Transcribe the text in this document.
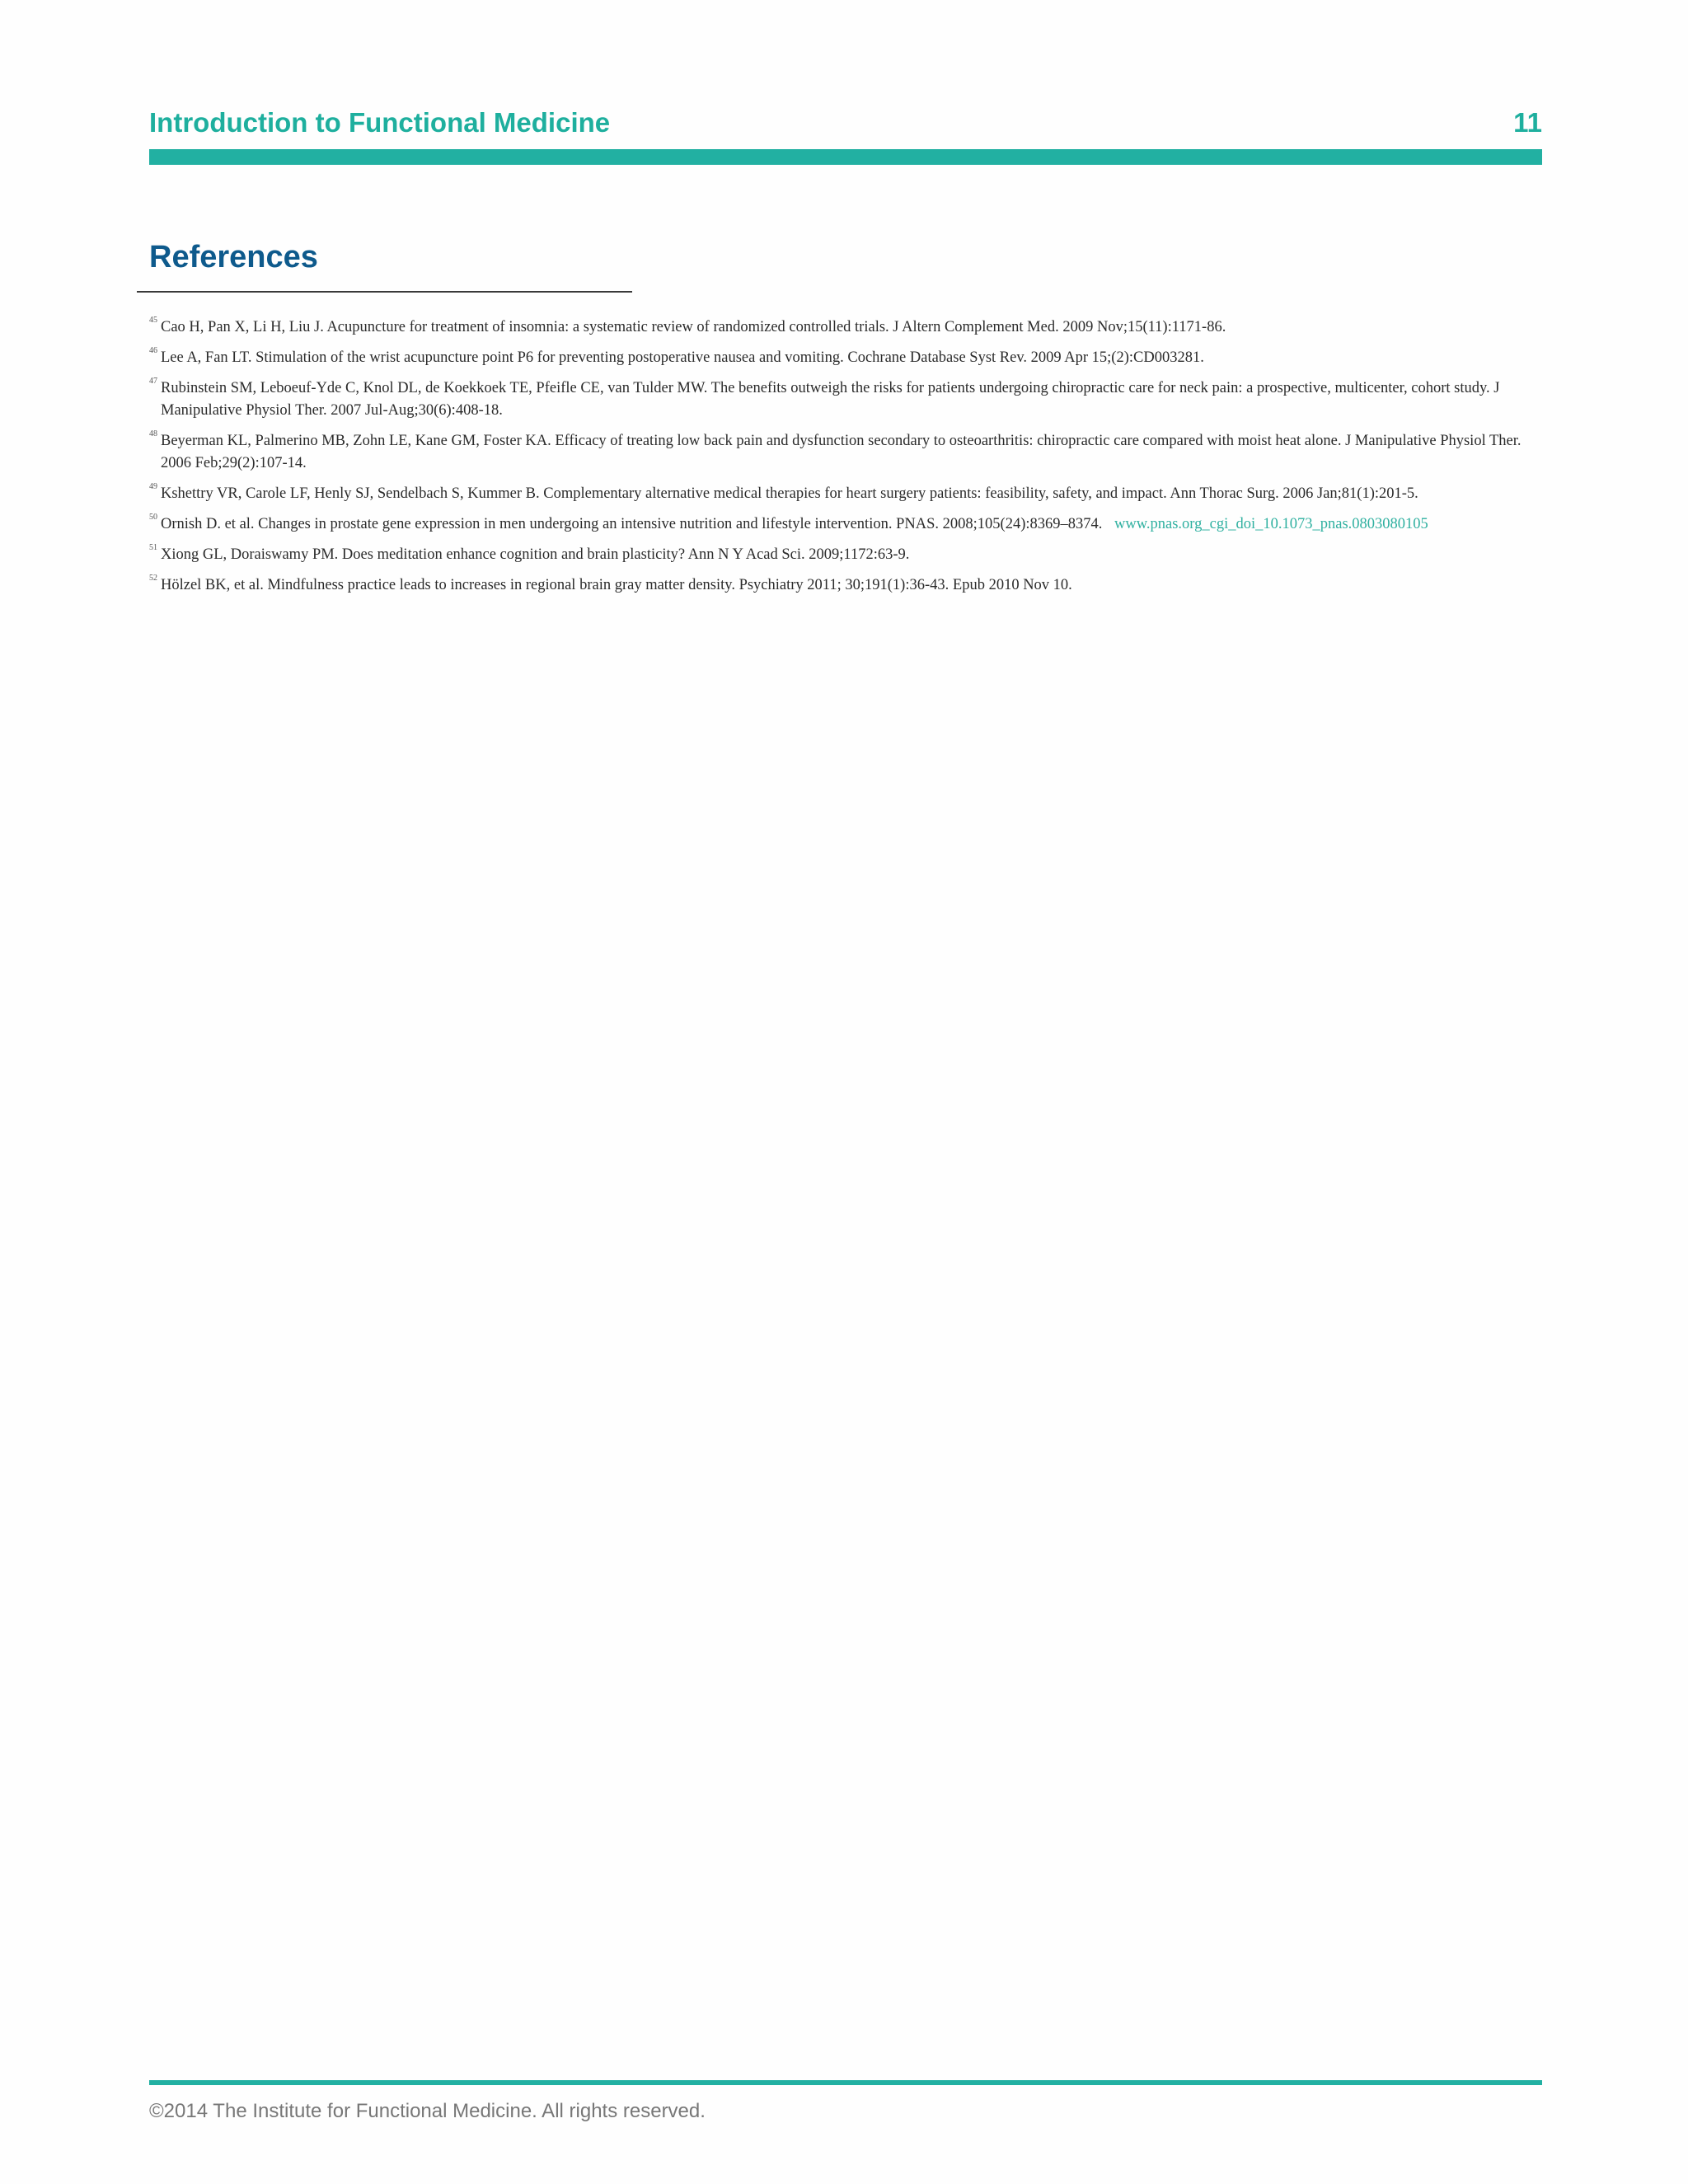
Introduction to Functional Medicine	11
References
45 Cao H, Pan X, Li H, Liu J. Acupuncture for treatment of insomnia: a systematic review of randomized controlled trials. J Altern Complement Med. 2009 Nov;15(11):1171-86.
46 Lee A, Fan LT. Stimulation of the wrist acupuncture point P6 for preventing postoperative nausea and vomiting. Cochrane Database Syst Rev. 2009 Apr 15;(2):CD003281.
47 Rubinstein SM, Leboeuf-Yde C, Knol DL, de Koekkoek TE, Pfeifle CE, van Tulder MW. The benefits outweigh the risks for patients undergoing chiropractic care for neck pain: a prospective, multicenter, cohort study. J Manipulative Physiol Ther. 2007 Jul-Aug;30(6):408-18.
48 Beyerman KL, Palmerino MB, Zohn LE, Kane GM, Foster KA. Efficacy of treating low back pain and dysfunction secondary to osteoarthritis: chiropractic care compared with moist heat alone. J Manipulative Physiol Ther. 2006 Feb;29(2):107-14.
49 Kshettry VR, Carole LF, Henly SJ, Sendelbach S, Kummer B. Complementary alternative medical therapies for heart surgery patients: feasibility, safety, and impact. Ann Thorac Surg. 2006 Jan;81(1):201-5.
50 Ornish D. et al. Changes in prostate gene expression in men undergoing an intensive nutrition and lifestyle intervention. PNAS. 2008;105(24):8369–8374. www.pnas.org_cgi_doi_10.1073_pnas.0803080105
51 Xiong GL, Doraiswamy PM. Does meditation enhance cognition and brain plasticity? Ann N Y Acad Sci. 2009;1172:63-9.
52 Hölzel BK, et al. Mindfulness practice leads to increases in regional brain gray matter density. Psychiatry 2011; 30;191(1):36-43. Epub 2010 Nov 10.
©2014 The Institute for Functional Medicine. All rights reserved.
